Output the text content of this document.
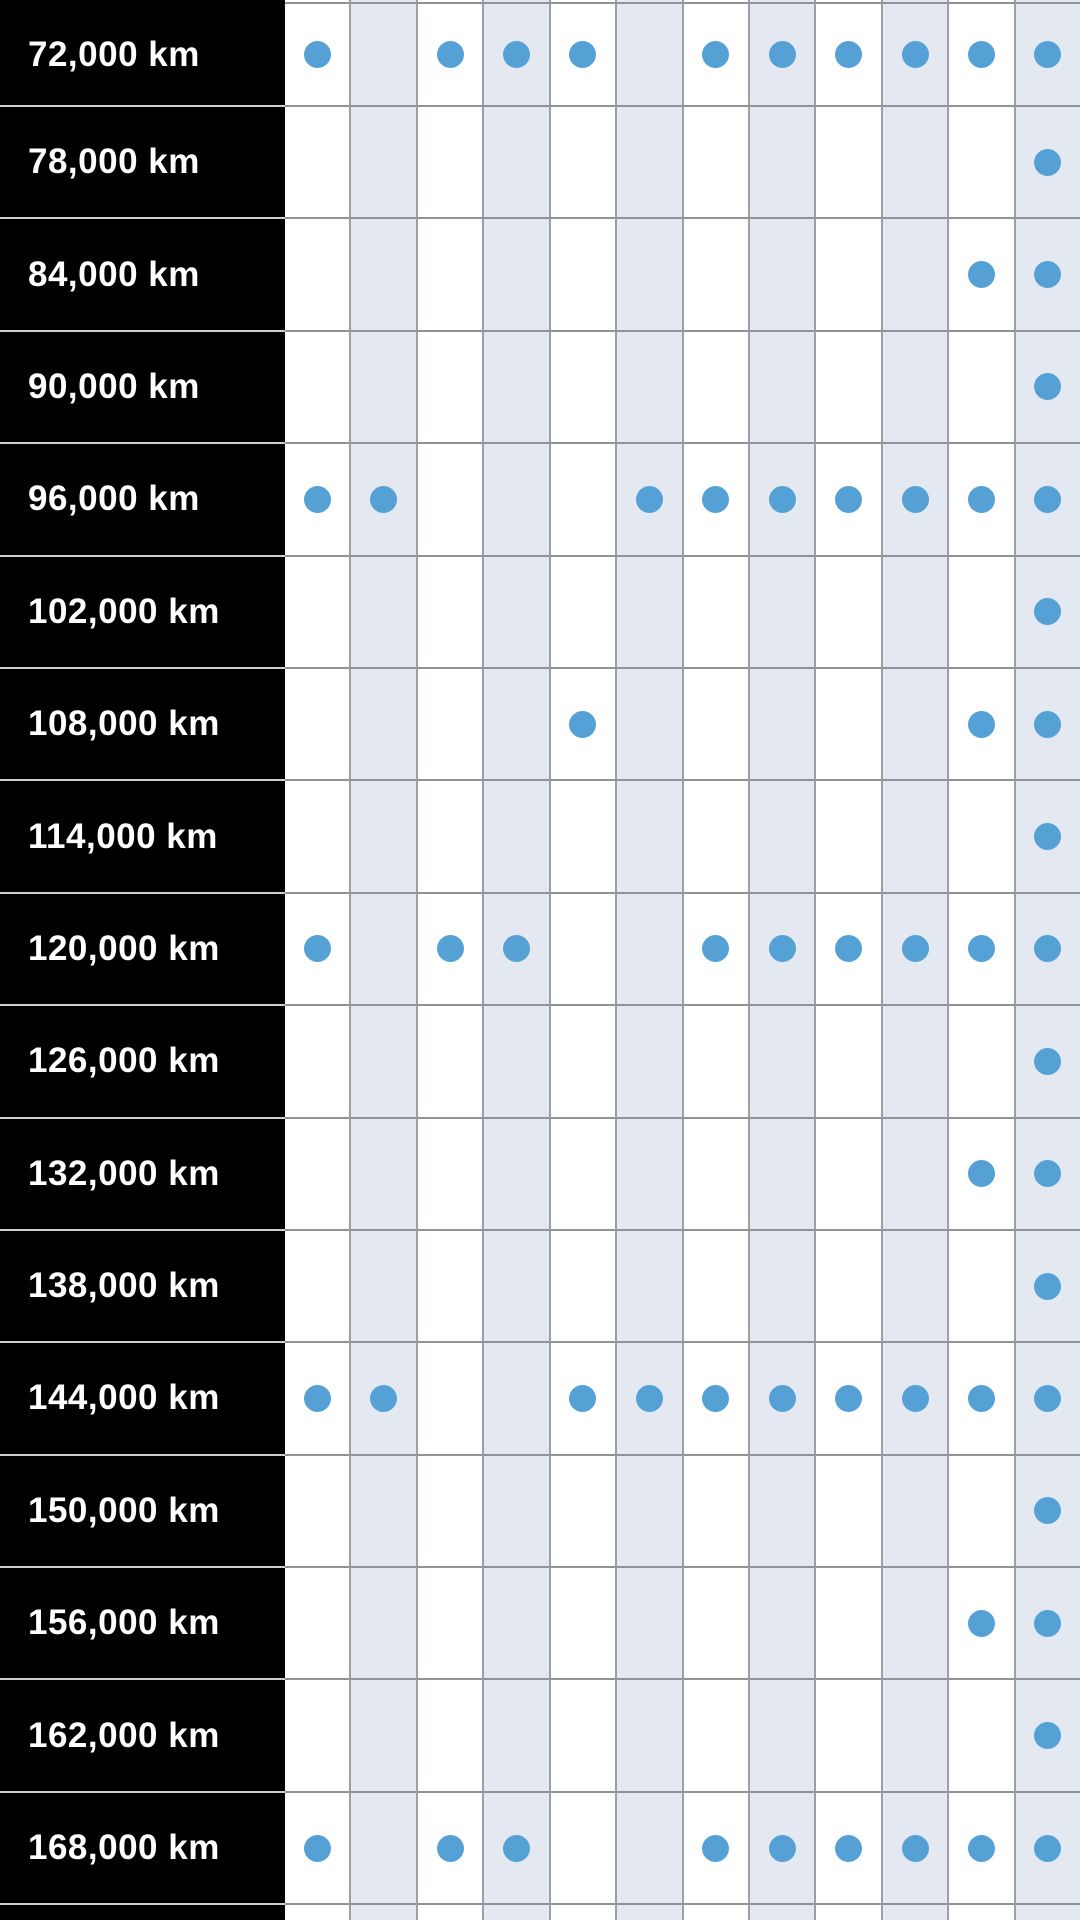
72,000 km
78,000 km
84,000 km
90,000 km
96,000 km
102,000 km
108,000 km
114,000 km
120,000 km
126,000 km
132,000 km
138,000 km
144,000 km
150,000 km
156,000 km
162,000 km
168,000 km
